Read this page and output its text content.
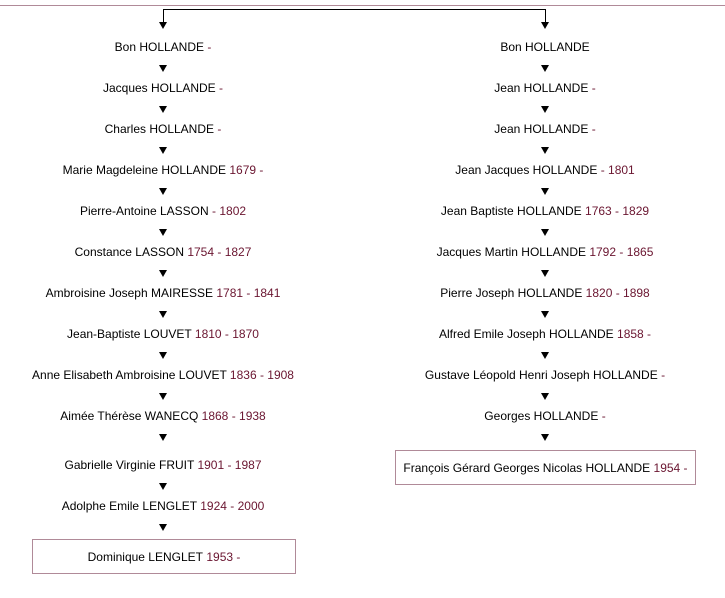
Bon HOLLANDE -
Jacques HOLLANDE -
Charles HOLLANDE -
Marie Magdeleine HOLLANDE 1679 -
Pierre-Antoine LASSON - 1802
Constance LASSON 1754 - 1827
Ambroisine Joseph MAIRESSE 1781 - 1841
Jean-Baptiste LOUVET 1810 - 1870
Anne Elisabeth Ambroisine LOUVET 1836 - 1908
Aimée Thérèse WANECQ 1868 - 1938
Gabrielle Virginie FRUIT 1901 - 1987
Adolphe Emile LENGLET 1924 - 2000
Dominique LENGLET
1953 -
Bon HOLLANDE
Jean HOLLANDE -
Jean HOLLANDE -
Jean Jacques HOLLANDE - 1801
Jean Baptiste HOLLANDE 1763 - 1829
Jacques Martin HOLLANDE 1792 - 1865
Pierre Joseph HOLLANDE 1820 - 1898
Alfred Emile Joseph HOLLANDE 1858 -
Gustave Léopold Henri Joseph HOLLANDE -
Georges HOLLANDE -
François Gérard Georges Nicolas HOLLANDE
1954 -
